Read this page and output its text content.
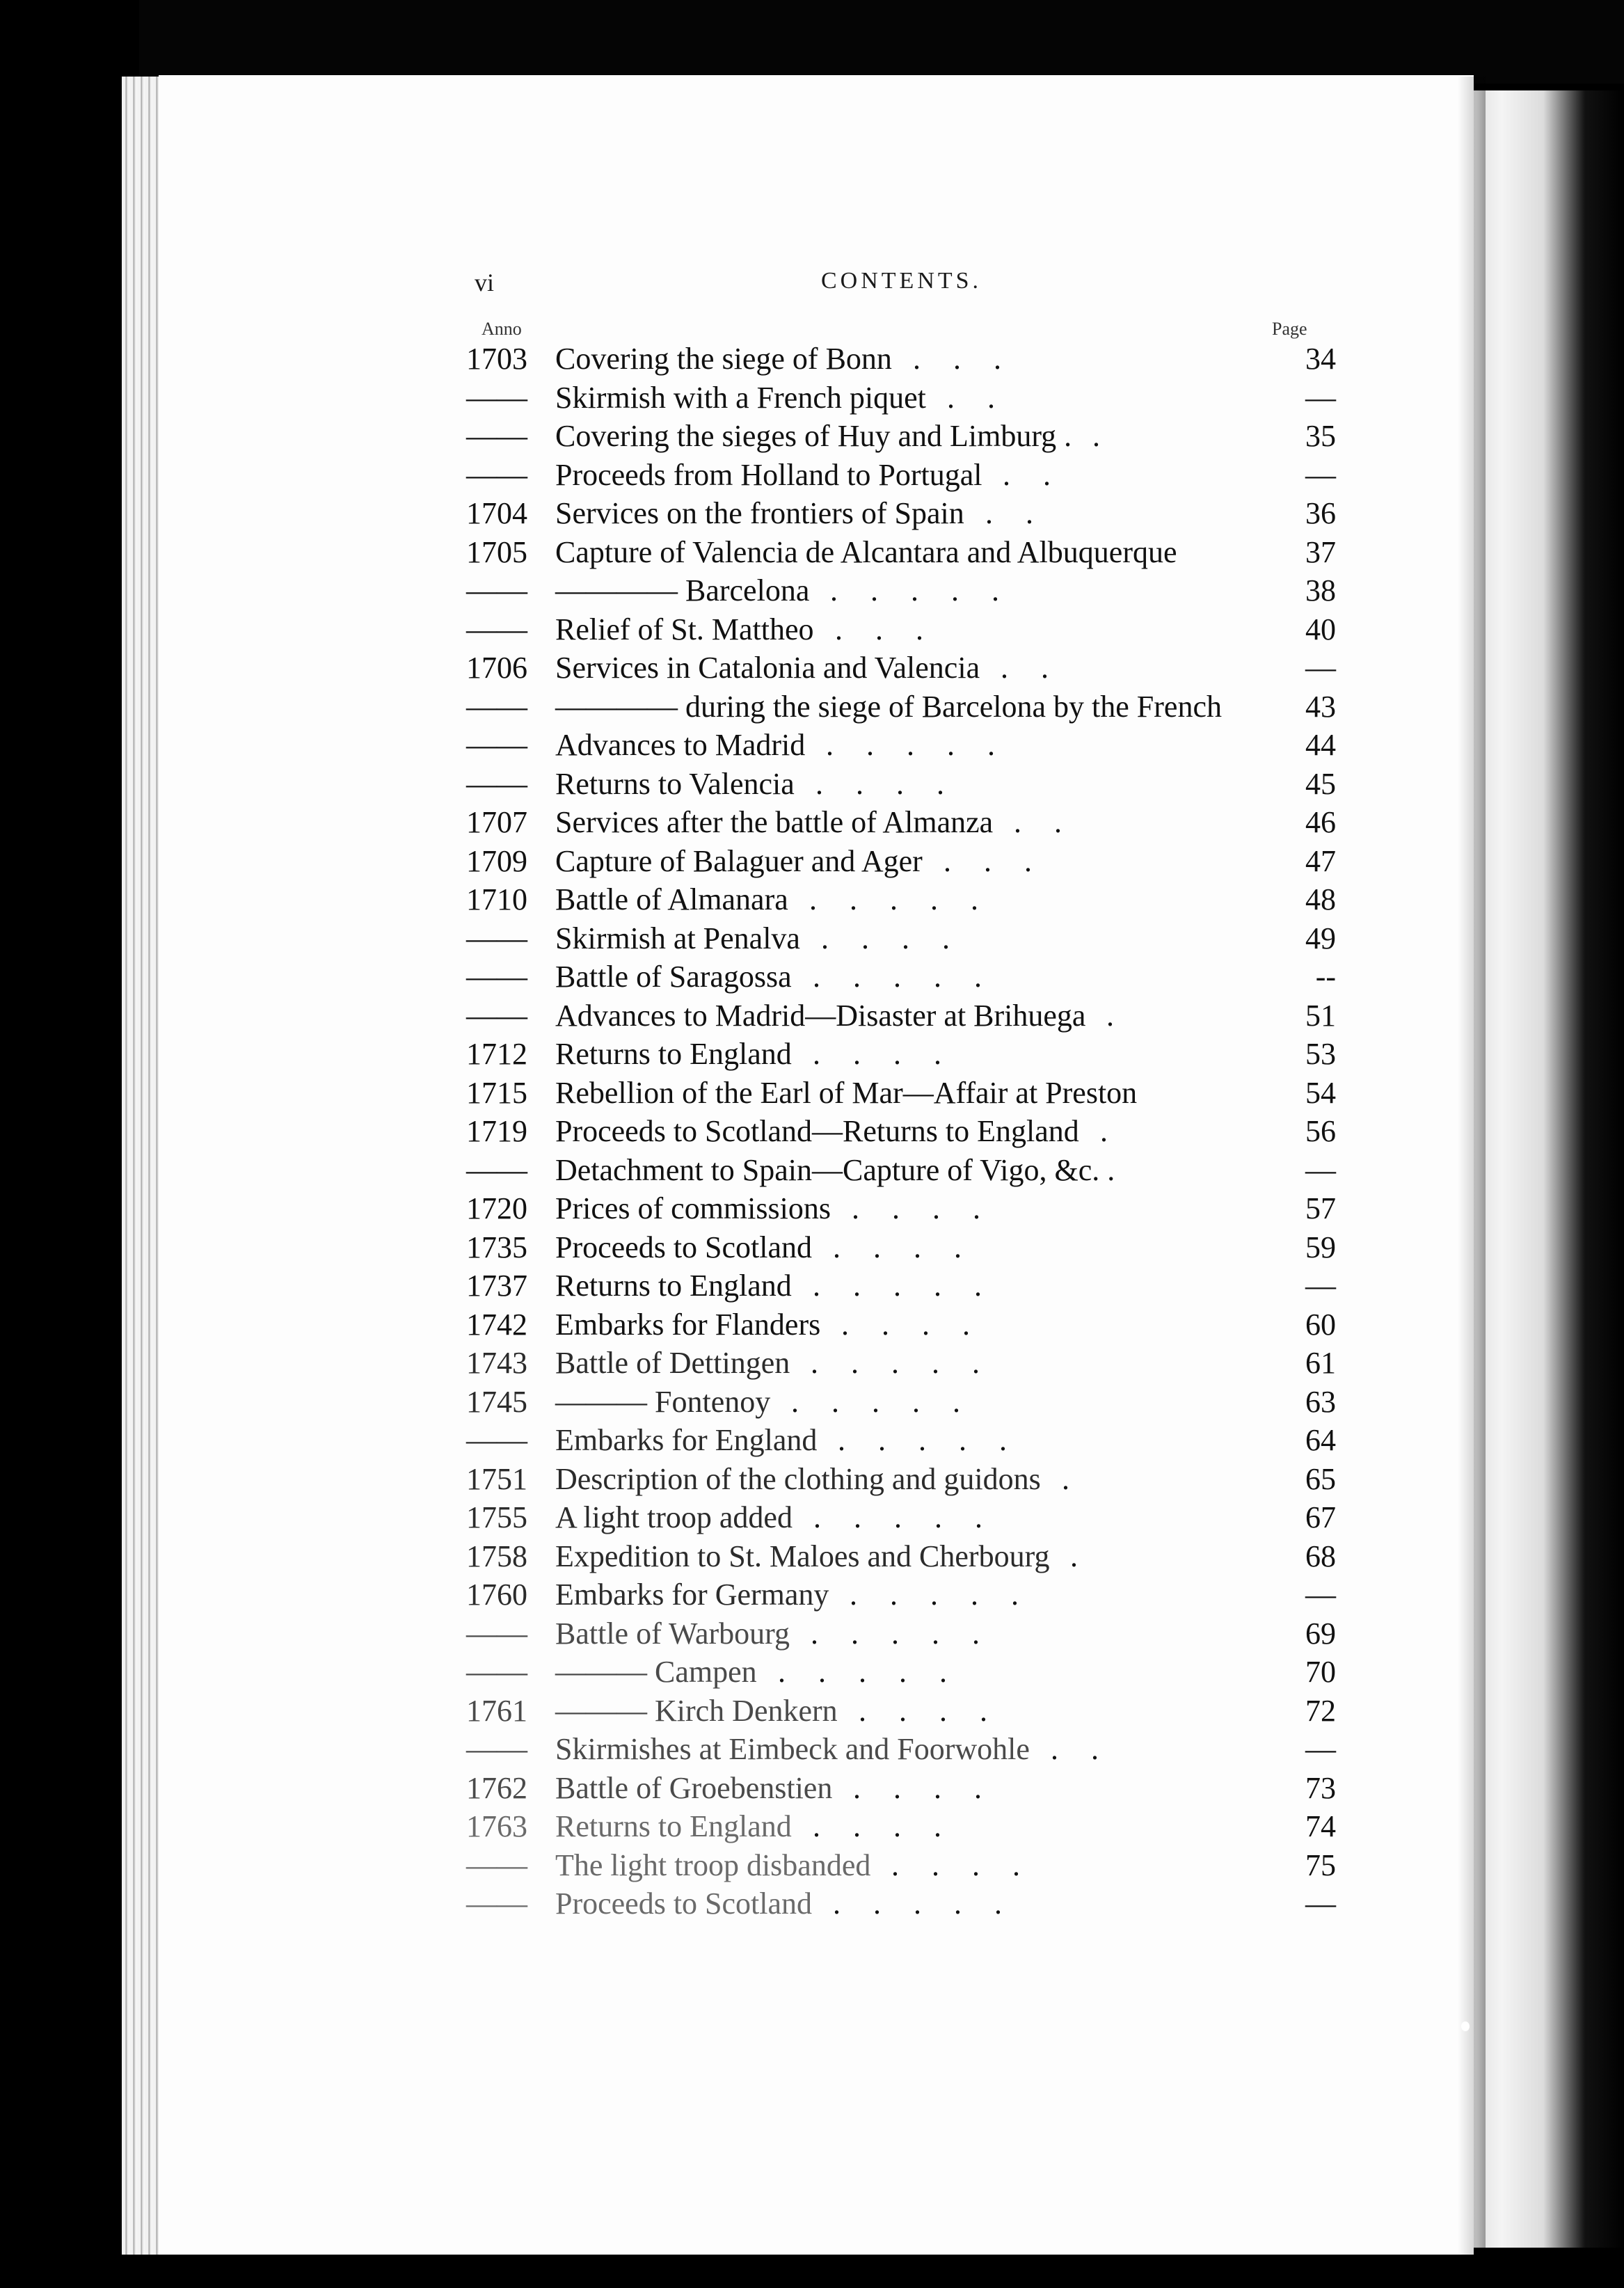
vi	CONTENTS.
Anno	Page
1703 Covering the siege of Bonn . . .	34
—— Skirmish with a French piquet . .	—
—— Covering the sieges of Huy and Limburg . .	35
—— Proceeds from Holland to Portugal . .	—
1704 Services on the frontiers of Spain . .	36
1705 Capture of Valencia de Alcantara and Albuquerque	37
—— ———— Barcelona . . . . .	38
—— Relief of St. Mattheo . . .	40
1706 Services in Catalonia and Valencia . .	—
—— ———— during the siege of Barcelona by the French	43
—— Advances to Madrid . . . . .	44
—— Returns to Valencia . . . .	45
1707 Services after the battle of Almanza . .	46
1709 Capture of Balaguer and Ager . . .	47
1710 Battle of Almanara . . . . .	48
—— Skirmish at Penalva . . . .	49
—— Battle of Saragossa . . . . .	--
—— Advances to Madrid—Disaster at Brihuega .	51
1712 Returns to England . . . .	53
1715 Rebellion of the Earl of Mar—Affair at Preston	54
1719 Proceeds to Scotland—Returns to England .	56
—— Detachment to Spain—Capture of Vigo, &c. .	—
1720 Prices of commissions . . . .	57
1735 Proceeds to Scotland . . . .	59
1737 Returns to England . . . . .	—
1742 Embarks for Flanders . . . .	60
1743 Battle of Dettingen . . . . .	61
1745 ——— Fontenoy . . . . .	63
—— Embarks for England . . . . .	64
1751 Description of the clothing and guidons .	65
1755 A light troop added . . . . .	67
1758 Expedition to St. Maloes and Cherbourg .	68
1760 Embarks for Germany . . . . .	—
—— Battle of Warbourg . . . . .	69
—— ——— Campen . . . . .	70
1761 ——— Kirch Denkern . . . .	72
—— Skirmishes at Eimbeck and Foorwohle . .	—
1762 Battle of Groebenstien . . . .	73
1763 Returns to England . . . .	74
—— The light troop disbanded . . . .	75
—— Proceeds to Scotland . . . . .	—
